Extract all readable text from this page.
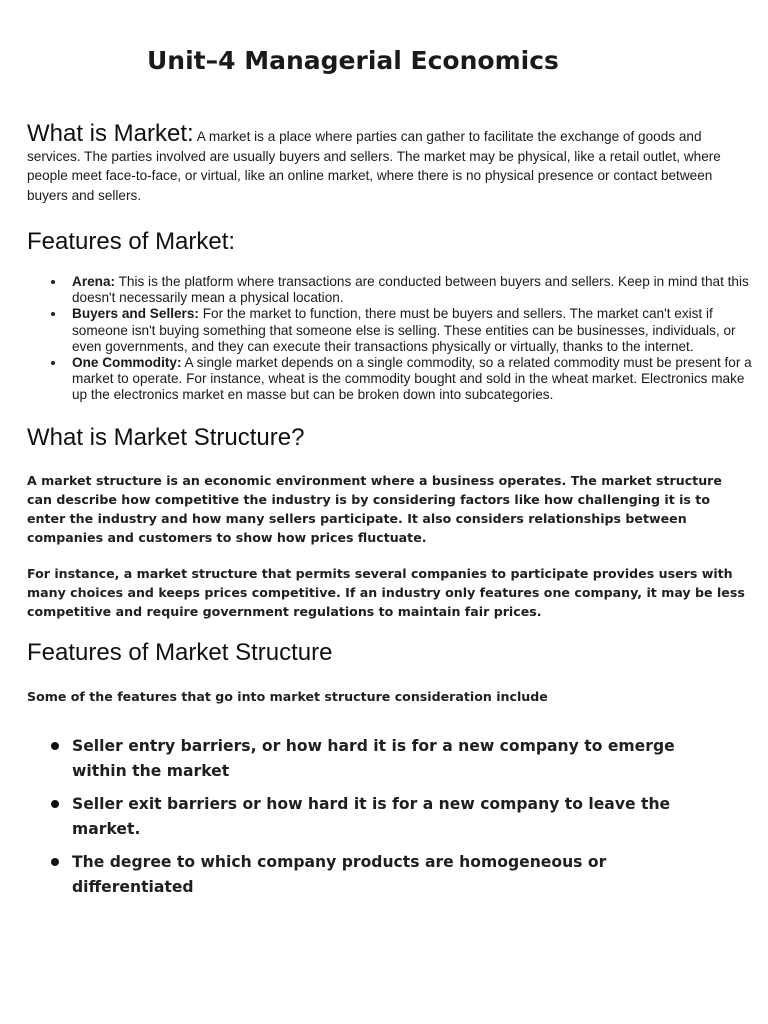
Unit–4 Managerial Economics

What is Market: A market is a place where parties can gather to facilitate the exchange of goods and services. The parties involved are usually buyers and sellers. The market may be physical, like a retail outlet, where people meet face-to-face, or virtual, like an online market, where there is no physical presence or contact between buyers and sellers.

Features of Market:
Arena: This is the platform where transactions are conducted between buyers and sellers. Keep in mind that this doesn't necessarily mean a physical location.
Buyers and Sellers: For the market to function, there must be buyers and sellers. The market can't exist if someone isn't buying something that someone else is selling. These entities can be businesses, individuals, or even governments, and they can execute their transactions physically or virtually, thanks to the internet.
One Commodity: A single market depends on a single commodity, so a related commodity must be present for a market to operate. For instance, wheat is the commodity bought and sold in the wheat market. Electronics make up the electronics market en masse but can be broken down into subcategories.
What is Market Structure?

A market structure is an economic environment where a business operates. The market structure can describe how competitive the industry is by considering factors like how challenging it is to enter the industry and how many sellers participate. It also considers relationships between companies and customers to show how prices fluctuate.

For instance, a market structure that permits several companies to participate provides users with many choices and keeps prices competitive. If an industry only features one company, it may be less competitive and require government regulations to maintain fair prices.

Features of Market Structure

Some of the features that go into market structure consideration include

Seller entry barriers, or how hard it is for a new company to emerge within the market
Seller exit barriers or how hard it is for a new company to leave the market.
The degree to which company products are homogeneous or differentiated
